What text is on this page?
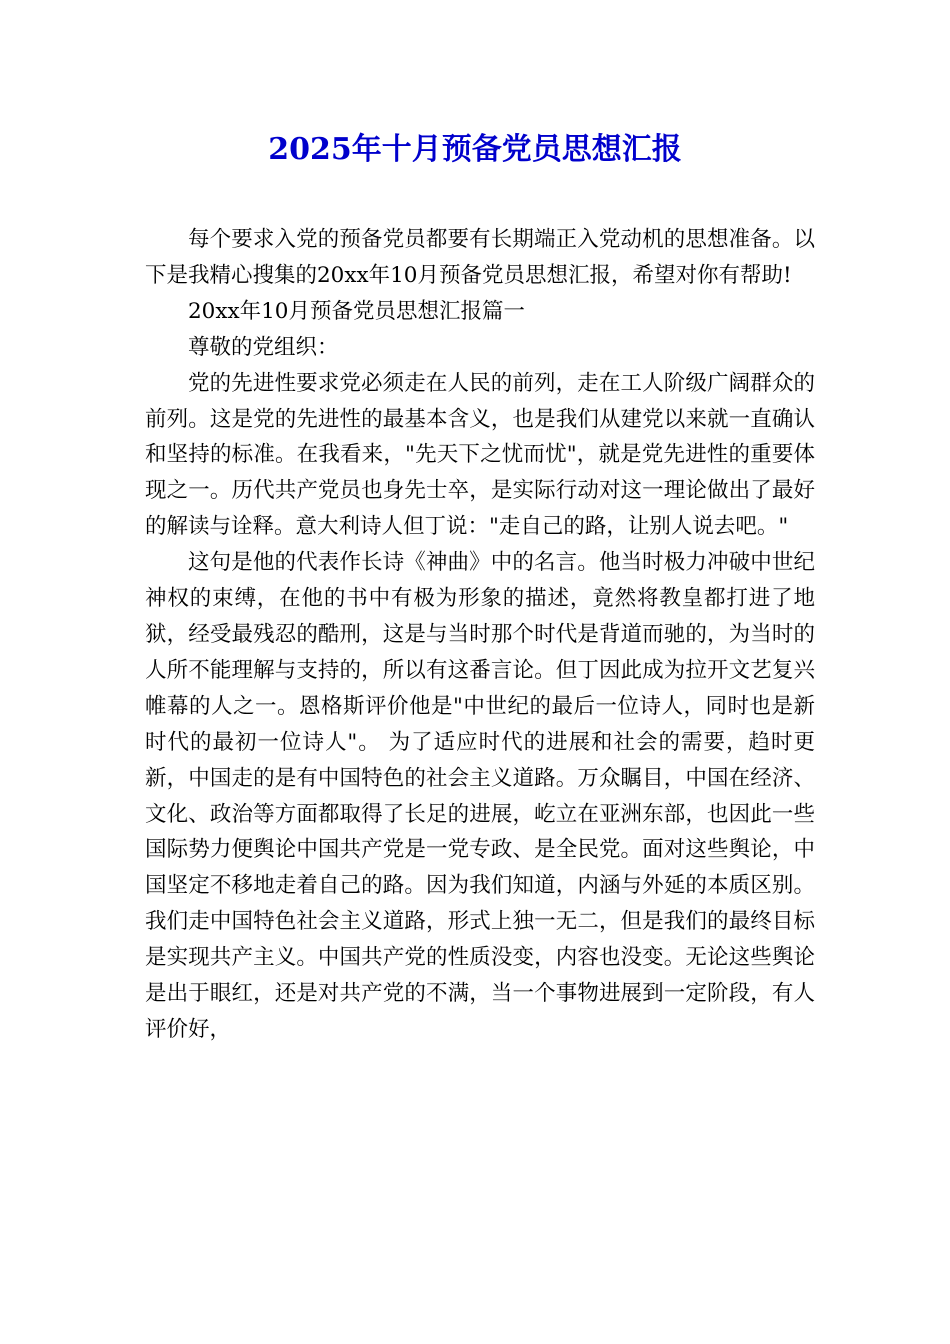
2025年十月预备党员思想汇报

每个要求入党的预备党员都要有长期端正入党动机的思想准备。以下是我精心搜集的20xx年10月预备党员思想汇报，希望对你有帮助!

20xx年10月预备党员思想汇报篇一

尊敬的党组织：

党的先进性要求党必须走在人民的前列，走在工人阶级广阔群众的前列。这是党的先进性的最基本含义，也是我们从建党以来就一直确认和坚持的标准。在我看来，"先天下之忧而忧"，就是党先进性的重要体现之一。历代共产党员也身先士卒，是实际行动对这一理论做出了最好的解读与诠释。意大利诗人但丁说："走自己的路，让别人说去吧。"

这句是他的代表作长诗《神曲》中的名言。他当时极力冲破中世纪神权的束缚，在他的书中有极为形象的描述，竟然将教皇都打进了地狱，经受最残忍的酷刑，这是与当时那个时代是背道而驰的，为当时的人所不能理解与支持的，所以有这番言论。但丁因此成为拉开文艺复兴帷幕的人之一。恩格斯评价他是"中世纪的最后一位诗人，同时也是新时代的最初一位诗人"。 为了适应时代的进展和社会的需要，趋时更新，中国走的是有中国特色的社会主义道路。万众瞩目，中国在经济、文化、政治等方面都取得了长足的进展，屹立在亚洲东部，也因此一些国际势力便舆论中国共产党是一党专政、是全民党。面对这些舆论，中国坚定不移地走着自己的路。因为我们知道，内涵与外延的本质区别。我们走中国特色社会主义道路，形式上独一无二，但是我们的最终目标是实现共产主义。中国共产党的性质没变，内容也没变。无论这些舆论是出于眼红，还是对共产党的不满，当一个事物进展到一定阶段，有人评价好，
